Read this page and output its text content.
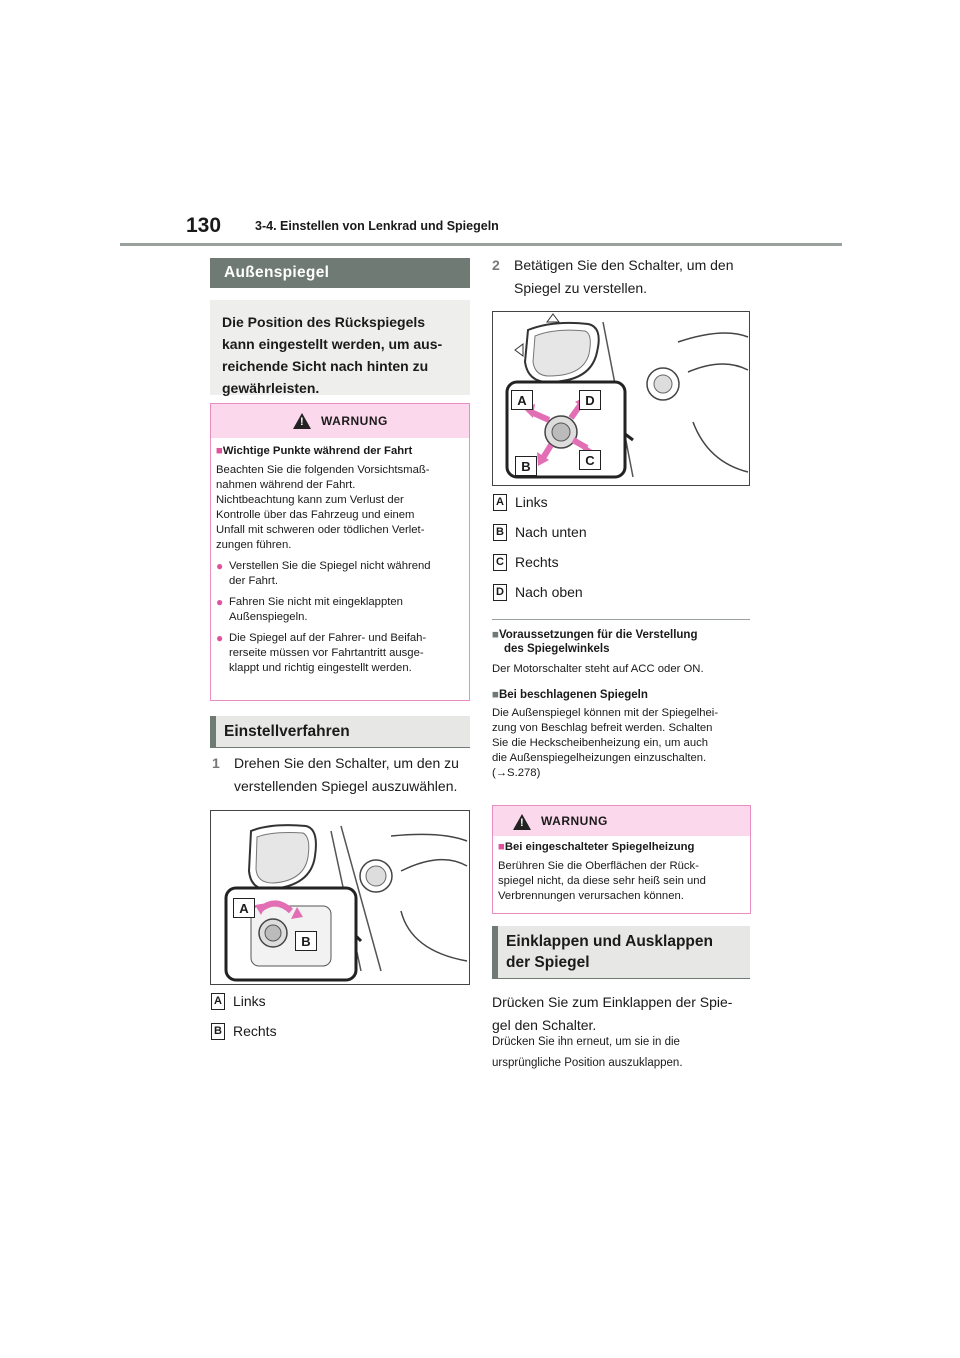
130	3-4. Einstellen von Lenkrad und Spiegeln
Außenspiegel
Die Position des Rückspiegels
kann eingestellt werden, um aus-
reichende Sicht nach hinten zu
gewährleisten.
!
WARNUNG
■Wichtige Punkte während der Fahrt

Beachten Sie die folgenden Vorsichtsmaß-
nahmen während der Fahrt.
Nichtbeachtung kann zum Verlust der
Kontrolle über das Fahrzeug und einem
Unfall mit schweren oder tödlichen Verlet-
zungen führen.

● Verstellen Sie die Spiegel nicht während
der Fahrt.
● Fahren Sie nicht mit eingeklappten
Außenspiegeln.
● Die Spiegel auf der Fahrer- und Beifah-
rerseite müssen vor Fahrtantritt ausge-
klappt und richtig eingestellt werden.
Einstellverfahren
1 Drehen Sie den Schalter, um den zu
verstellenden Spiegel auszuwählen.
A
B
A Links
B Rechts
2 Betätigen Sie den Schalter, um den
Spiegel zu verstellen.
A	D
B	C
A Links
B Nach unten
C Rechts
D Nach oben
■Voraussetzungen für die Verstellung
des Spiegelwinkels
Der Motorschalter steht auf ACC oder ON.
■Bei beschlagenen Spiegeln
Die Außenspiegel können mit der Spiegelhei-
zung von Beschlag befreit werden. Schalten
Sie die Heckscheibenheizung ein, um auch
die Außenspiegelheizungen einzuschalten.
(→S.278)
!
WARNUNG
■Bei eingeschalteter Spiegelheizung
Berühren Sie die Oberflächen der Rück-
spiegel nicht, da diese sehr heiß sein und
Verbrennungen verursachen können.
Einklappen und Ausklappen
der Spiegel
Drücken Sie zum Einklappen der Spie-
gel den Schalter.
Drücken Sie ihn erneut, um sie in die
ursprüngliche Position auszuklappen.
